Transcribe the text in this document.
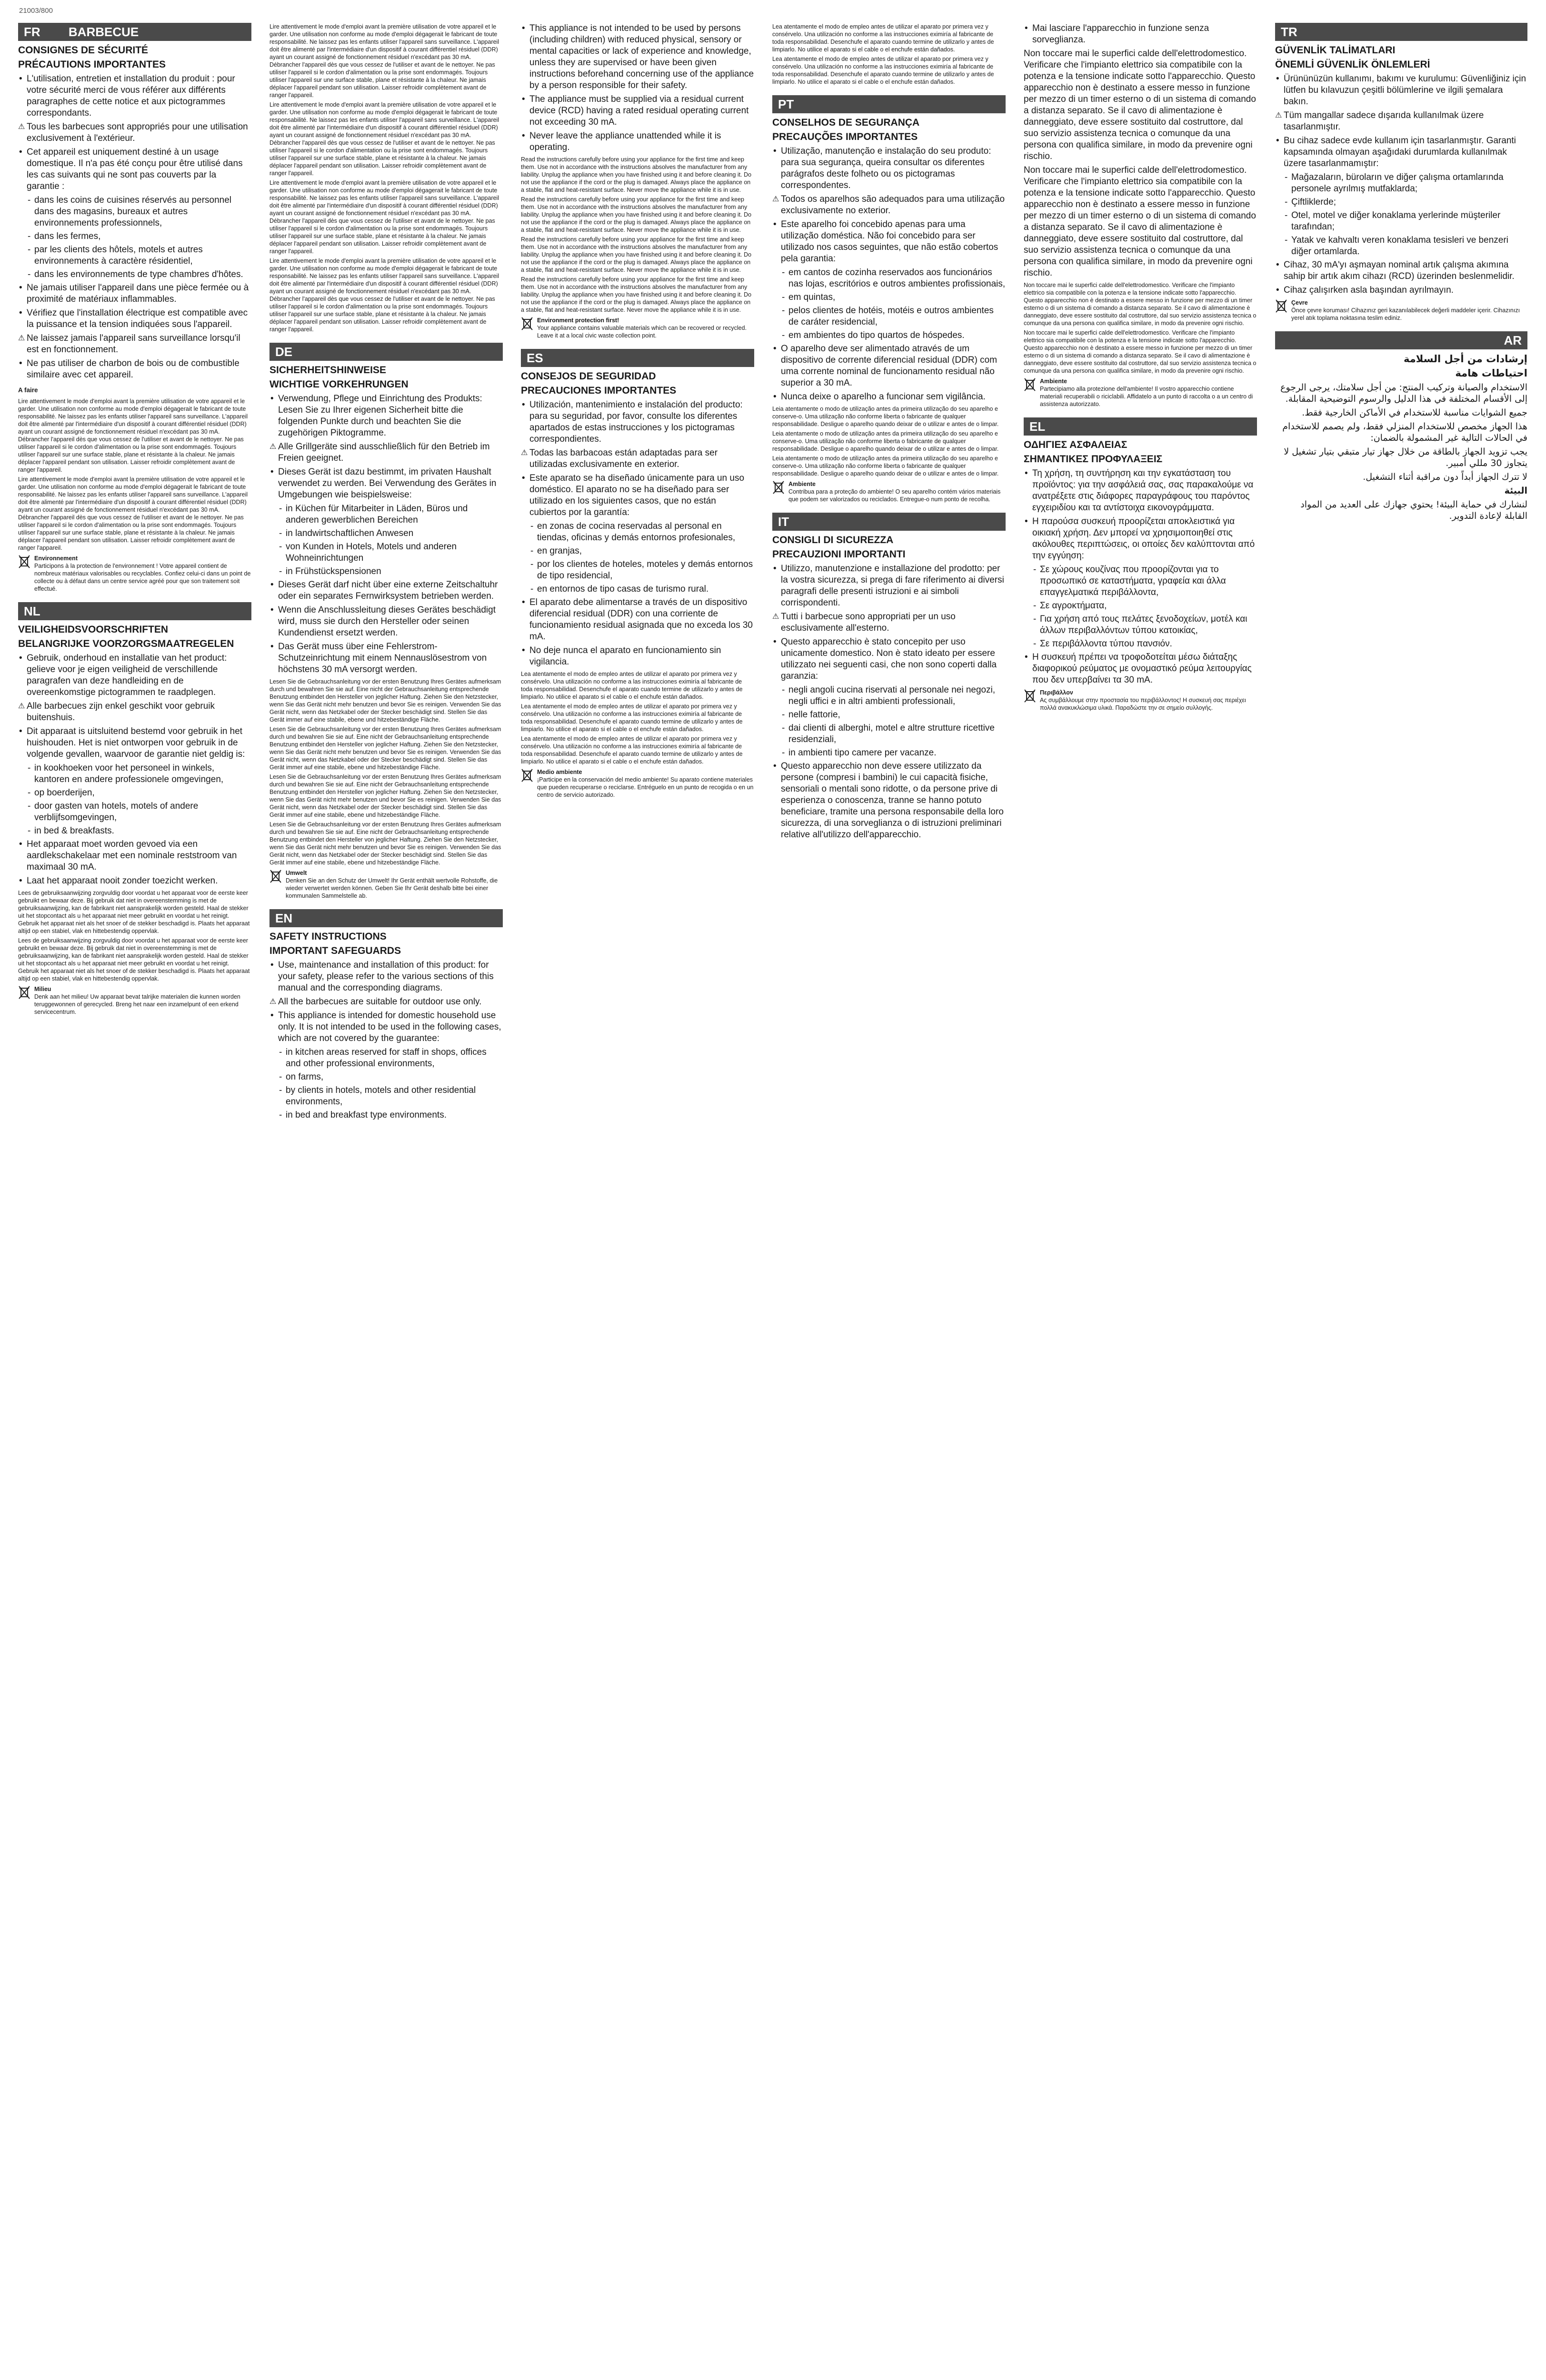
21003/800
FR BARBECUE
CONSIGNES DE SÉCURITÉ
PRÉCAUTIONS IMPORTANTES
• L'utilisation, entretien et installation du produit : pour votre sécurité merci de vous référer aux différents paragraphes de cette notice et aux pictogrammes correspondants.
⚠ Tous les barbecues sont appropriés pour une utilisation exclusivement à l'extérieur.
• Cet appareil est uniquement destiné à un usage domestique. Il n'a pas été conçu pour être utilisé dans les cas suivants qui ne sont pas couverts par la garantie :
- dans les coins de cuisines réservés au personnel dans des magasins, bureaux et autres environnements professionnels,
- dans les fermes,
- par les clients des hôtels, motels et autres environnements à caractère résidentiel,
- dans les environnements de type chambres d'hôtes.
• Ne jamais utiliser l'appareil dans une pièce fermée ou à proximité de matériaux inflammables.
• Vérifiez que l'installation électrique est compatible avec la puissance et la tension indiquées sous l'appareil.
⚠ Ne laissez jamais l'appareil sans surveillance lorsqu'il est en fonctionnement.
• Ne pas utiliser de charbon de bois ou de combustible similaire avec cet appareil.
A faire
Lire attentivement le mode d'emploi avant la première utilisation de votre appareil et le garder. Une utilisation non conforme au mode d'emploi dégagerait le fabricant de toute responsabilité. Ne laissez pas les enfants utiliser l'appareil sans surveillance. L'appareil doit être alimenté par l'intermédiaire d'un dispositif à courant différentiel résiduel (DDR) ayant un courant assigné de fonctionnement résiduel n'excédant pas 30 mA. Débrancher l'appareil dès que vous cessez de l'utiliser et avant de le nettoyer. Ne pas utiliser l'appareil si le cordon d'alimentation ou la prise sont endommagés. Toujours utiliser l'appareil sur une surface stable, plane et résistante à la chaleur. Ne jamais déplacer l'appareil pendant son utilisation. Laisser refroidir complètement avant de ranger l'appareil.
Lire attentivement le mode d'emploi avant la première utilisation de votre appareil et le garder. Une utilisation non conforme au mode d'emploi dégagerait le fabricant de toute responsabilité. Ne laissez pas les enfants utiliser l'appareil sans surveillance. L'appareil doit être alimenté par l'intermédiaire d'un dispositif à courant différentiel résiduel (DDR) ayant un courant assigné de fonctionnement résiduel n'excédant pas 30 mA. Débrancher l'appareil dès que vous cessez de l'utiliser et avant de le nettoyer. Ne pas utiliser l'appareil si le cordon d'alimentation ou la prise sont endommagés. Toujours utiliser l'appareil sur une surface stable, plane et résistante à la chaleur. Ne jamais déplacer l'appareil pendant son utilisation. Laisser refroidir complètement avant de ranger l'appareil.
Environnement
Participons à la protection de l'environnement ! Votre appareil contient de nombreux matériaux valorisables ou recyclables. Confiez celui-ci dans un point de collecte ou à défaut dans un centre service agréé pour que son traitement soit effectué.
NL
VEILIGHEIDSVOORSCHRIFTEN
BELANGRIJKE VOORZORGSMAATREGELEN
• Gebruik, onderhoud en installatie van het product: gelieve voor je eigen veiligheid de verschillende paragrafen van deze handleiding en de overeenkomstige pictogrammen te raadplegen.
⚠ Alle barbecues zijn enkel geschikt voor gebruik buitenshuis.
• Dit apparaat is uitsluitend bestemd voor gebruik in het huishouden. Het is niet ontworpen voor gebruik in de volgende gevallen, waarvoor de garantie niet geldig is:
- in kookhoeken voor het personeel in winkels, kantoren en andere professionele omgevingen,
- op boerderijen,
- door gasten van hotels, motels of andere verblijfsomgevingen,
- in bed & breakfasts.
• Het apparaat moet worden gevoed via een aardlekschakelaar met een nominale reststroom van maximaal 30 mA.
• Laat het apparaat nooit zonder toezicht werken.
Lees de gebruiksaanwijzing zorgvuldig door voordat u het apparaat voor de eerste keer gebruikt en bewaar deze. Bij gebruik dat niet in overeenstemming is met de gebruiksaanwijzing, kan de fabrikant niet aansprakelijk worden gesteld. Haal de stekker uit het stopcontact als u het apparaat niet meer gebruikt en voordat u het reinigt. Gebruik het apparaat niet als het snoer of de stekker beschadigd is. Plaats het apparaat altijd op een stabiel, vlak en hittebestendig oppervlak.
Lees de gebruiksaanwijzing zorgvuldig door voordat u het apparaat voor de eerste keer gebruikt en bewaar deze. Bij gebruik dat niet in overeenstemming is met de gebruiksaanwijzing, kan de fabrikant niet aansprakelijk worden gesteld. Haal de stekker uit het stopcontact als u het apparaat niet meer gebruikt en voordat u het reinigt. Gebruik het apparaat niet als het snoer of de stekker beschadigd is. Plaats het apparaat altijd op een stabiel, vlak en hittebestendig oppervlak.
Milieu
Denk aan het milieu! Uw apparaat bevat talrijke materialen die kunnen worden teruggewonnen of gerecycled. Breng het naar een inzamelpunt of een erkend servicecentrum.
Lire attentivement le mode d'emploi avant la première utilisation de votre appareil et le garder. Une utilisation non conforme au mode d'emploi dégagerait le fabricant de toute responsabilité. Ne laissez pas les enfants utiliser l'appareil sans surveillance. L'appareil doit être alimenté par l'intermédiaire d'un dispositif à courant différentiel résiduel (DDR) ayant un courant assigné de fonctionnement résiduel n'excédant pas 30 mA. Débrancher l'appareil dès que vous cessez de l'utiliser et avant de le nettoyer. Ne pas utiliser l'appareil si le cordon d'alimentation ou la prise sont endommagés. Toujours utiliser l'appareil sur une surface stable, plane et résistante à la chaleur. Ne jamais déplacer l'appareil pendant son utilisation. Laisser refroidir complètement avant de ranger l'appareil.
Lire attentivement le mode d'emploi avant la première utilisation de votre appareil et le garder. Une utilisation non conforme au mode d'emploi dégagerait le fabricant de toute responsabilité. Ne laissez pas les enfants utiliser l'appareil sans surveillance. L'appareil doit être alimenté par l'intermédiaire d'un dispositif à courant différentiel résiduel (DDR) ayant un courant assigné de fonctionnement résiduel n'excédant pas 30 mA. Débrancher l'appareil dès que vous cessez de l'utiliser et avant de le nettoyer. Ne pas utiliser l'appareil si le cordon d'alimentation ou la prise sont endommagés. Toujours utiliser l'appareil sur une surface stable, plane et résistante à la chaleur. Ne jamais déplacer l'appareil pendant son utilisation. Laisser refroidir complètement avant de ranger l'appareil.
Lire attentivement le mode d'emploi avant la première utilisation de votre appareil et le garder. Une utilisation non conforme au mode d'emploi dégagerait le fabricant de toute responsabilité. Ne laissez pas les enfants utiliser l'appareil sans surveillance. L'appareil doit être alimenté par l'intermédiaire d'un dispositif à courant différentiel résiduel (DDR) ayant un courant assigné de fonctionnement résiduel n'excédant pas 30 mA. Débrancher l'appareil dès que vous cessez de l'utiliser et avant de le nettoyer. Ne pas utiliser l'appareil si le cordon d'alimentation ou la prise sont endommagés. Toujours utiliser l'appareil sur une surface stable, plane et résistante à la chaleur. Ne jamais déplacer l'appareil pendant son utilisation. Laisser refroidir complètement avant de ranger l'appareil.
Lire attentivement le mode d'emploi avant la première utilisation de votre appareil et le garder. Une utilisation non conforme au mode d'emploi dégagerait le fabricant de toute responsabilité. Ne laissez pas les enfants utiliser l'appareil sans surveillance. L'appareil doit être alimenté par l'intermédiaire d'un dispositif à courant différentiel résiduel (DDR) ayant un courant assigné de fonctionnement résiduel n'excédant pas 30 mA. Débrancher l'appareil dès que vous cessez de l'utiliser et avant de le nettoyer. Ne pas utiliser l'appareil si le cordon d'alimentation ou la prise sont endommagés. Toujours utiliser l'appareil sur une surface stable, plane et résistante à la chaleur. Ne jamais déplacer l'appareil pendant son utilisation. Laisser refroidir complètement avant de ranger l'appareil.
DE
SICHERHEITSHINWEISE
WICHTIGE VORKEHRUNGEN
• Verwendung, Pflege und Einrichtung des Produkts: Lesen Sie zu Ihrer eigenen Sicherheit bitte die folgenden Punkte durch und beachten Sie die zugehörigen Piktogramme.
⚠ Alle Grillgeräte sind ausschließlich für den Betrieb im Freien geeignet.
• Dieses Gerät ist dazu bestimmt, im privaten Haushalt verwendet zu werden. Bei Verwendung des Gerätes in Umgebungen wie beispielsweise:
- in Küchen für Mitarbeiter in Läden, Büros und anderen gewerblichen Bereichen
- in landwirtschaftlichen Anwesen
- von Kunden in Hotels, Motels und anderen Wohneinrichtungen
- in Frühstückspensionen
• Dieses Gerät darf nicht über eine externe Zeitschaltuhr oder ein separates Fernwirksystem betrieben werden.
• Wenn die Anschlussleitung dieses Gerätes beschädigt wird, muss sie durch den Hersteller oder seinen Kundendienst ersetzt werden.
• Das Gerät muss über eine Fehlerstrom-Schutzeinrichtung mit einem Nennauslösestrom von höchstens 30 mA versorgt werden.
Lesen Sie die Gebrauchsanleitung vor der ersten Benutzung Ihres Gerätes aufmerksam durch und bewahren Sie sie auf. Eine nicht der Gebrauchsanleitung entsprechende Benutzung entbindet den Hersteller von jeglicher Haftung. Ziehen Sie den Netzstecker, wenn Sie das Gerät nicht mehr benutzen und bevor Sie es reinigen. Verwenden Sie das Gerät nicht, wenn das Netzkabel oder der Stecker beschädigt sind. Stellen Sie das Gerät immer auf eine stabile, ebene und hitzebeständige Fläche.
Lesen Sie die Gebrauchsanleitung vor der ersten Benutzung Ihres Gerätes aufmerksam durch und bewahren Sie sie auf. Eine nicht der Gebrauchsanleitung entsprechende Benutzung entbindet den Hersteller von jeglicher Haftung. Ziehen Sie den Netzstecker, wenn Sie das Gerät nicht mehr benutzen und bevor Sie es reinigen. Verwenden Sie das Gerät nicht, wenn das Netzkabel oder der Stecker beschädigt sind. Stellen Sie das Gerät immer auf eine stabile, ebene und hitzebeständige Fläche.
Lesen Sie die Gebrauchsanleitung vor der ersten Benutzung Ihres Gerätes aufmerksam durch und bewahren Sie sie auf. Eine nicht der Gebrauchsanleitung entsprechende Benutzung entbindet den Hersteller von jeglicher Haftung. Ziehen Sie den Netzstecker, wenn Sie das Gerät nicht mehr benutzen und bevor Sie es reinigen. Verwenden Sie das Gerät nicht, wenn das Netzkabel oder der Stecker beschädigt sind. Stellen Sie das Gerät immer auf eine stabile, ebene und hitzebeständige Fläche.
Lesen Sie die Gebrauchsanleitung vor der ersten Benutzung Ihres Gerätes aufmerksam durch und bewahren Sie sie auf. Eine nicht der Gebrauchsanleitung entsprechende Benutzung entbindet den Hersteller von jeglicher Haftung. Ziehen Sie den Netzstecker, wenn Sie das Gerät nicht mehr benutzen und bevor Sie es reinigen. Verwenden Sie das Gerät nicht, wenn das Netzkabel oder der Stecker beschädigt sind. Stellen Sie das Gerät immer auf eine stabile, ebene und hitzebeständige Fläche.
Umwelt
Denken Sie an den Schutz der Umwelt! Ihr Gerät enthält wertvolle Rohstoffe, die wieder verwertet werden können. Geben Sie Ihr Gerät deshalb bitte bei einer kommunalen Sammelstelle ab.
EN
SAFETY INSTRUCTIONS
IMPORTANT SAFEGUARDS
• Use, maintenance and installation of this product: for your safety, please refer to the various sections of this manual and the corresponding diagrams.
⚠ All the barbecues are suitable for outdoor use only.
• This appliance is intended for domestic household use only. It is not intended to be used in the following cases, which are not covered by the guarantee:
- in kitchen areas reserved for staff in shops, offices and other professional environments,
- on farms,
- by clients in hotels, motels and other residential environments,
- in bed and breakfast type environments.
• This appliance is not intended to be used by persons (including children) with reduced physical, sensory or mental capacities or lack of experience and knowledge, unless they are supervised or have been given instructions beforehand concerning use of the appliance by a person responsible for their safety.
• The appliance must be supplied via a residual current device (RCD) having a rated residual operating current not exceeding 30 mA.
• Never leave the appliance unattended while it is operating.
Read the instructions carefully before using your appliance for the first time and keep them. Use not in accordance with the instructions absolves the manufacturer from any liability. Unplug the appliance when you have finished using it and before cleaning it. Do not use the appliance if the cord or the plug is damaged. Always place the appliance on a stable, flat and heat-resistant surface. Never move the appliance while it is in use.
Read the instructions carefully before using your appliance for the first time and keep them. Use not in accordance with the instructions absolves the manufacturer from any liability. Unplug the appliance when you have finished using it and before cleaning it. Do not use the appliance if the cord or the plug is damaged. Always place the appliance on a stable, flat and heat-resistant surface. Never move the appliance while it is in use.
Read the instructions carefully before using your appliance for the first time and keep them. Use not in accordance with the instructions absolves the manufacturer from any liability. Unplug the appliance when you have finished using it and before cleaning it. Do not use the appliance if the cord or the plug is damaged. Always place the appliance on a stable, flat and heat-resistant surface. Never move the appliance while it is in use.
Read the instructions carefully before using your appliance for the first time and keep them. Use not in accordance with the instructions absolves the manufacturer from any liability. Unplug the appliance when you have finished using it and before cleaning it. Do not use the appliance if the cord or the plug is damaged. Always place the appliance on a stable, flat and heat-resistant surface. Never move the appliance while it is in use.
Environment protection first!
Your appliance contains valuable materials which can be recovered or recycled. Leave it at a local civic waste collection point.
ES
CONSEJOS DE SEGURIDAD
PRECAUCIONES IMPORTANTES
• Utilización, mantenimiento e instalación del producto: para su seguridad, por favor, consulte los diferentes apartados de estas instrucciones y los pictogramas correspondientes.
⚠ Todas las barbacoas están adaptadas para ser utilizadas exclusivamente en exterior.
• Este aparato se ha diseñado únicamente para un uso doméstico. El aparato no se ha diseñado para ser utilizado en los siguientes casos, que no están cubiertos por la garantía:
- en zonas de cocina reservadas al personal en tiendas, oficinas y demás entornos profesionales,
- en granjas,
- por los clientes de hoteles, moteles y demás entornos de tipo residencial,
- en entornos de tipo casas de turismo rural.
• El aparato debe alimentarse a través de un dispositivo diferencial residual (DDR) con una corriente de funcionamiento residual asignada que no exceda los 30 mA.
• No deje nunca el aparato en funcionamiento sin vigilancia.
Lea atentamente el modo de empleo antes de utilizar el aparato por primera vez y consérvelo. Una utilización no conforme a las instrucciones eximiría al fabricante de toda responsabilidad. Desenchufe el aparato cuando termine de utilizarlo y antes de limpiarlo. No utilice el aparato si el cable o el enchufe están dañados.
Lea atentamente el modo de empleo antes de utilizar el aparato por primera vez y consérvelo. Una utilización no conforme a las instrucciones eximiría al fabricante de toda responsabilidad. Desenchufe el aparato cuando termine de utilizarlo y antes de limpiarlo. No utilice el aparato si el cable o el enchufe están dañados.
Lea atentamente el modo de empleo antes de utilizar el aparato por primera vez y consérvelo. Una utilización no conforme a las instrucciones eximiría al fabricante de toda responsabilidad. Desenchufe el aparato cuando termine de utilizarlo y antes de limpiarlo. No utilice el aparato si el cable o el enchufe están dañados.
Medio ambiente
¡Participe en la conservación del medio ambiente! Su aparato contiene materiales que pueden recuperarse o reciclarse. Entréguelo en un punto de recogida o en un centro de servicio autorizado.
Lea atentamente el modo de empleo antes de utilizar el aparato por primera vez y consérvelo. Una utilización no conforme a las instrucciones eximiría al fabricante de toda responsabilidad. Desenchufe el aparato cuando termine de utilizarlo y antes de limpiarlo. No utilice el aparato si el cable o el enchufe están dañados.
Lea atentamente el modo de empleo antes de utilizar el aparato por primera vez y consérvelo. Una utilización no conforme a las instrucciones eximiría al fabricante de toda responsabilidad. Desenchufe el aparato cuando termine de utilizarlo y antes de limpiarlo. No utilice el aparato si el cable o el enchufe están dañados.
PT
CONSELHOS DE SEGURANÇA
PRECAUÇÕES IMPORTANTES
• Utilização, manutenção e instalação do seu produto: para sua segurança, queira consultar os diferentes parágrafos deste folheto ou os pictogramas correspondentes.
⚠ Todos os aparelhos são adequados para uma utilização exclusivamente no exterior.
• Este aparelho foi concebido apenas para uma utilização doméstica. Não foi concebido para ser utilizado nos casos seguintes, que não estão cobertos pela garantia:
- em cantos de cozinha reservados aos funcionários nas lojas, escritórios e outros ambientes profissionais,
- em quintas,
- pelos clientes de hotéis, motéis e outros ambientes de caráter residencial,
- em ambientes do tipo quartos de hóspedes.
• O aparelho deve ser alimentado através de um dispositivo de corrente diferencial residual (DDR) com uma corrente nominal de funcionamento residual não superior a 30 mA.
• Nunca deixe o aparelho a funcionar sem vigilância.
Leia atentamente o modo de utilização antes da primeira utilização do seu aparelho e conserve-o. Uma utilização não conforme liberta o fabricante de qualquer responsabilidade. Desligue o aparelho quando deixar de o utilizar e antes de o limpar.
Leia atentamente o modo de utilização antes da primeira utilização do seu aparelho e conserve-o. Uma utilização não conforme liberta o fabricante de qualquer responsabilidade. Desligue o aparelho quando deixar de o utilizar e antes de o limpar.
Leia atentamente o modo de utilização antes da primeira utilização do seu aparelho e conserve-o. Uma utilização não conforme liberta o fabricante de qualquer responsabilidade. Desligue o aparelho quando deixar de o utilizar e antes de o limpar.
Ambiente
Contribua para a proteção do ambiente! O seu aparelho contém vários materiais que podem ser valorizados ou reciclados. Entregue-o num ponto de recolha.
IT
CONSIGLI DI SICUREZZA
PRECAUZIONI IMPORTANTI
• Utilizzo, manutenzione e installazione del prodotto: per la vostra sicurezza, si prega di fare riferimento ai diversi paragrafi delle presenti istruzioni e ai simboli corrispondenti.
⚠ Tutti i barbecue sono appropriati per un uso esclusivamente all'esterno.
• Questo apparecchio è stato concepito per uso unicamente domestico. Non è stato ideato per essere utilizzato nei seguenti casi, che non sono coperti dalla garanzia:
- negli angoli cucina riservati al personale nei negozi, negli uffici e in altri ambienti professionali,
- nelle fattorie,
- dai clienti di alberghi, motel e altre strutture ricettive residenziali,
- in ambienti tipo camere per vacanze.
• Questo apparecchio non deve essere utilizzato da persone (compresi i bambini) le cui capacità fisiche, sensoriali o mentali sono ridotte, o da persone prive di esperienza o conoscenza, tranne se hanno potuto beneficiare, tramite una persona responsabile della loro sicurezza, di una sorveglianza o di istruzioni preliminari relative all'utilizzo dell'apparecchio.
• Mai lasciare l'apparecchio in funzione senza sorveglianza.
Non toccare mai le superfici calde dell'elettrodomestico. Verificare che l'impianto elettrico sia compatibile con la potenza e la tensione indicate sotto l'apparecchio. Questo apparecchio non è destinato a essere messo in funzione per mezzo di un timer esterno o di un sistema di comando a distanza separato. Se il cavo di alimentazione è danneggiato, deve essere sostituito dal costruttore, dal suo servizio assistenza tecnica o comunque da una persona con qualifica similare, in modo da prevenire ogni rischio.
Non toccare mai le superfici calde dell'elettrodomestico. Verificare che l'impianto elettrico sia compatibile con la potenza e la tensione indicate sotto l'apparecchio. Questo apparecchio non è destinato a essere messo in funzione per mezzo di un timer esterno o di un sistema di comando a distanza separato. Se il cavo di alimentazione è danneggiato, deve essere sostituito dal costruttore, dal suo servizio assistenza tecnica o comunque da una persona con qualifica similare, in modo da prevenire ogni rischio.
Non toccare mai le superfici calde dell'elettrodomestico. Verificare che l'impianto elettrico sia compatibile con la potenza e la tensione indicate sotto l'apparecchio. Questo apparecchio non è destinato a essere messo in funzione per mezzo di un timer esterno o di un sistema di comando a distanza separato. Se il cavo di alimentazione è danneggiato, deve essere sostituito dal costruttore, dal suo servizio assistenza tecnica o comunque da una persona con qualifica similare, in modo da prevenire ogni rischio.
Non toccare mai le superfici calde dell'elettrodomestico. Verificare che l'impianto elettrico sia compatibile con la potenza e la tensione indicate sotto l'apparecchio. Questo apparecchio non è destinato a essere messo in funzione per mezzo di un timer esterno o di un sistema di comando a distanza separato. Se il cavo di alimentazione è danneggiato, deve essere sostituito dal costruttore, dal suo servizio assistenza tecnica o comunque da una persona con qualifica similare, in modo da prevenire ogni rischio.
Ambiente
Partecipiamo alla protezione dell'ambiente! Il vostro apparecchio contiene materiali recuperabili o riciclabili. Affidatelo a un punto di raccolta o a un centro di assistenza autorizzato.
EL
ΟΔΗΓΙΕΣ ΑΣΦΑΛΕΙΑΣ
ΣΗΜΑΝΤΙΚΕΣ ΠΡΟΦΥΛΑΞΕΙΣ
• Τη χρήση, τη συντήρηση και την εγκατάσταση του προϊόντος: για την ασφάλειά σας, σας παρακαλούμε να ανατρέξετε στις διάφορες παραγράφους του παρόντος εγχειριδίου και τα αντίστοιχα εικονογράμματα.
• Η παρούσα συσκευή προορίζεται αποκλειστικά για οικιακή χρήση. Δεν μπορεί να χρησιμοποιηθεί στις ακόλουθες περιπτώσεις, οι οποίες δεν καλύπτονται από την εγγύηση:
- Σε χώρους κουζίνας που προορίζονται για το προσωπικό σε καταστήματα, γραφεία και άλλα επαγγελματικά περιβάλλοντα,
- Σε αγροκτήματα,
- Για χρήση από τους πελάτες ξενοδοχείων, μοτέλ και άλλων περιβαλλόντων τύπου κατοικίας,
- Σε περιβάλλοντα τύπου πανσιόν.
• Η συσκευή πρέπει να τροφοδοτείται μέσω διάταξης διαφορικού ρεύματος με ονομαστικό ρεύμα λειτουργίας που δεν υπερβαίνει τα 30 mA.
Περιβάλλον
Ας συμβάλλουμε στην προστασία του περιβάλλοντος! Η συσκευή σας περιέχει πολλά ανακυκλώσιμα υλικά. Παραδώστε την σε σημείο συλλογής.
TR
GÜVENLİK TALİMATLARI
ÖNEMLİ GÜVENLİK ÖNLEMLERİ
• Ürününüzün kullanımı, bakımı ve kurulumu: Güvenliğiniz için lütfen bu kılavuzun çeşitli bölümlerine ve ilgili şemalara bakın.
⚠ Tüm mangallar sadece dışarıda kullanılmak üzere tasarlanmıştır.
• Bu cihaz sadece evde kullanım için tasarlanmıştır. Garanti kapsamında olmayan aşağıdaki durumlarda kullanılmak üzere tasarlanmamıştır:
- Mağazaların, büroların ve diğer çalışma ortamlarında personele ayrılmış mutfaklarda;
- Çiftliklerde;
- Otel, motel ve diğer konaklama yerlerinde müşteriler tarafından;
- Yatak ve kahvaltı veren konaklama tesisleri ve benzeri diğer ortamlarda.
• Cihaz, 30 mA'yı aşmayan nominal artık çalışma akımına sahip bir artık akım cihazı (RCD) üzerinden beslenmelidir.
• Cihaz çalışırken asla başından ayrılmayın.
Çevre
Önce çevre koruması! Cihazınız geri kazanılabilecek değerli maddeler içerir. Cihazınızı yerel atık toplama noktasına teslim ediniz.
AR
إرشادات من أجل السلامة
احتياطات هامة
الاستخدام والصيانة وتركيب المنتج: من أجل سلامتك، يرجى الرجوع إلى الأقسام المختلفة في هذا الدليل والرسوم التوضيحية المقابلة.
جميع الشوايات مناسبة للاستخدام في الأماكن الخارجية فقط.
هذا الجهاز مخصص للاستخدام المنزلي فقط، ولم يصمم للاستخدام في الحالات التالية غير المشمولة بالضمان:
يجب تزويد الجهاز بالطاقة من خلال جهاز تيار متبقي بتيار تشغيل لا يتجاوز 30 مللي أمبير.
لا تترك الجهاز أبداً دون مراقبة أثناء التشغيل.
البيئة
لنشارك في حماية البيئة! يحتوي جهازك على العديد من المواد القابلة لإعادة التدوير.
